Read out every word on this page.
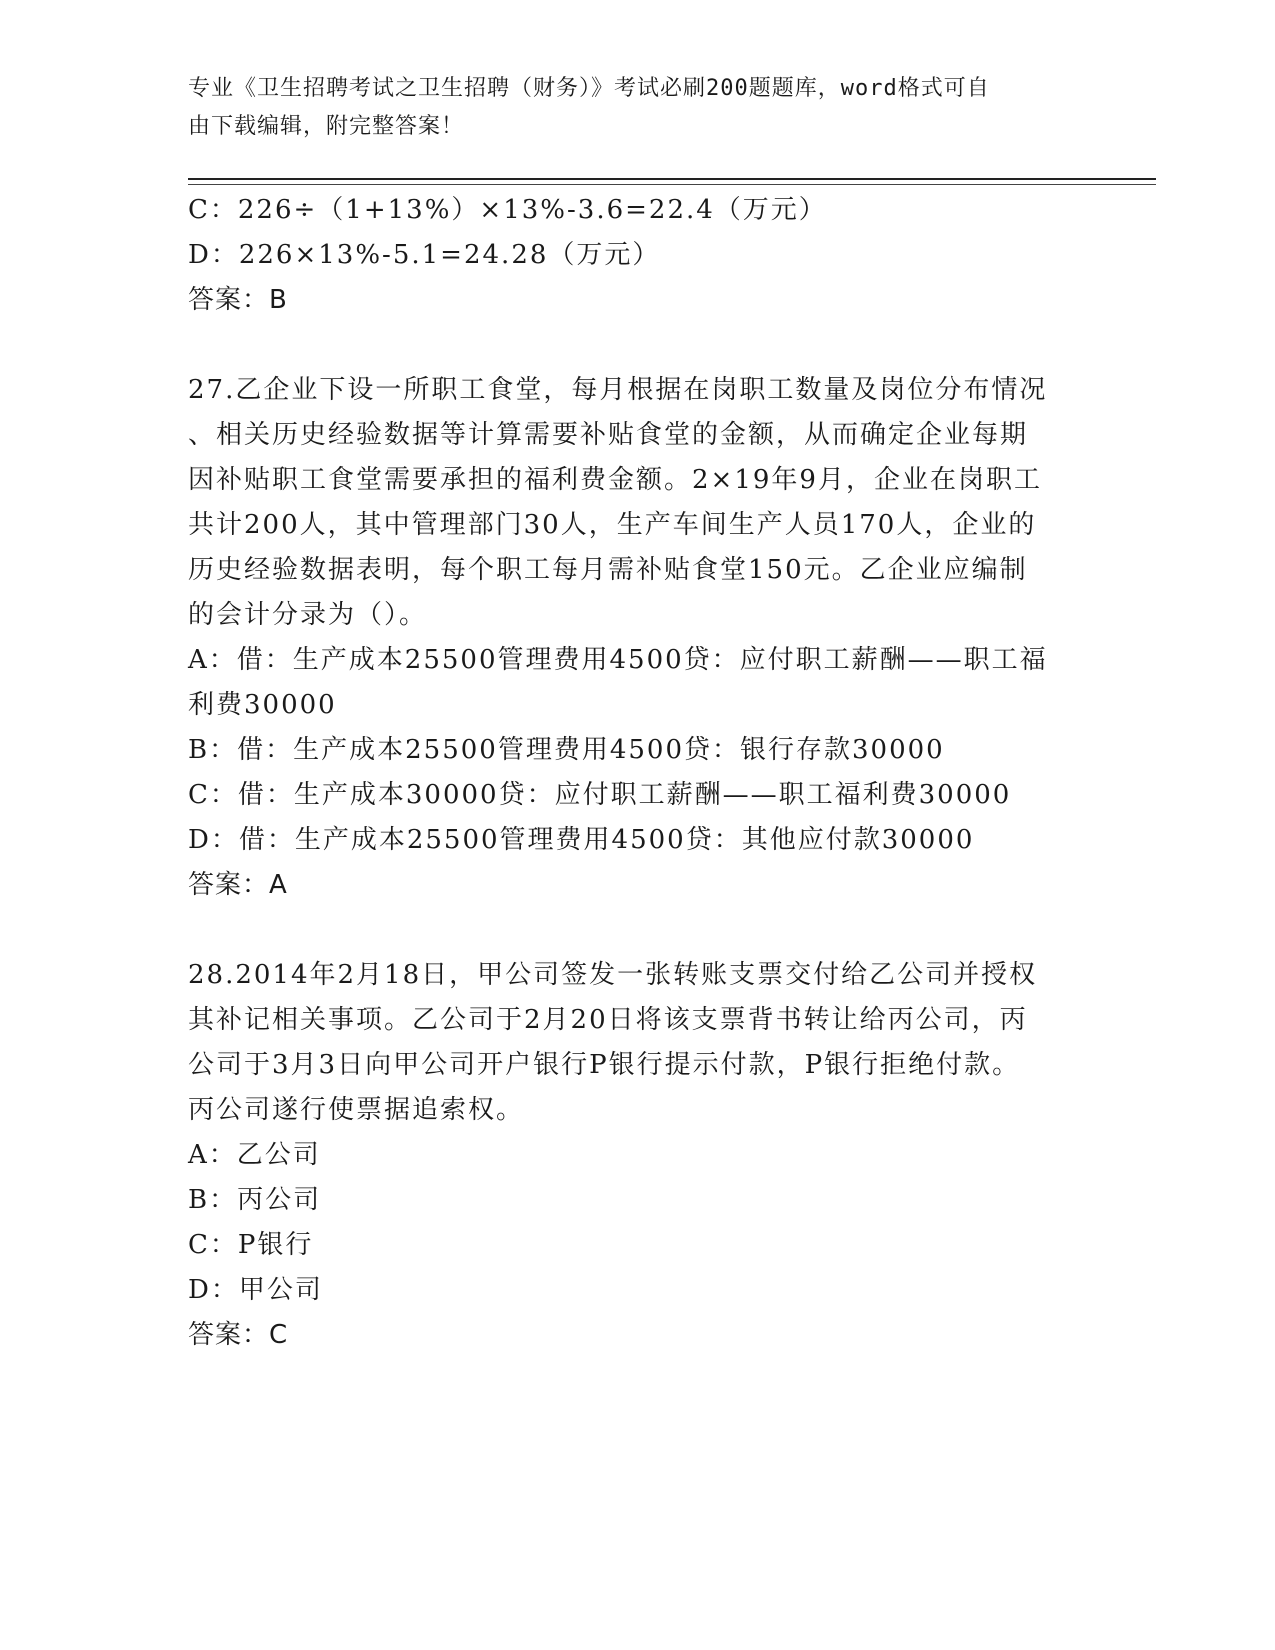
专业《卫生招聘考试之卫生招聘（财务）》考试必刷200题题库，word格式可自
由下载编辑，附完整答案！
C：226÷（1+13%）×13%-3.6=22.4（万元）
D：226×13%-5.1=24.28（万元）
答案：B
27.乙企业下设一所职工食堂，每月根据在岗职工数量及岗位分布情况
、相关历史经验数据等计算需要补贴食堂的金额，从而确定企业每期
因补贴职工食堂需要承担的福利费金额。2×19年9月，企业在岗职工
共计200人，其中管理部门30人，生产车间生产人员170人，企业的
历史经验数据表明，每个职工每月需补贴食堂150元。乙企业应编制
的会计分录为（）。
A：借：生产成本25500管理费用4500贷：应付职工薪酬——职工福
利费30000
B：借：生产成本25500管理费用4500贷：银行存款30000
C：借：生产成本30000贷：应付职工薪酬——职工福利费30000
D：借：生产成本25500管理费用4500贷：其他应付款30000
答案：A
28.2014年2月18日，甲公司签发一张转账支票交付给乙公司并授权
其补记相关事项。乙公司于2月20日将该支票背书转让给丙公司，丙
公司于3月3日向甲公司开户银行P银行提示付款，P银行拒绝付款。
丙公司遂行使票据追索权。
A：乙公司
B：丙公司
C：P银行
D：甲公司
答案：C
